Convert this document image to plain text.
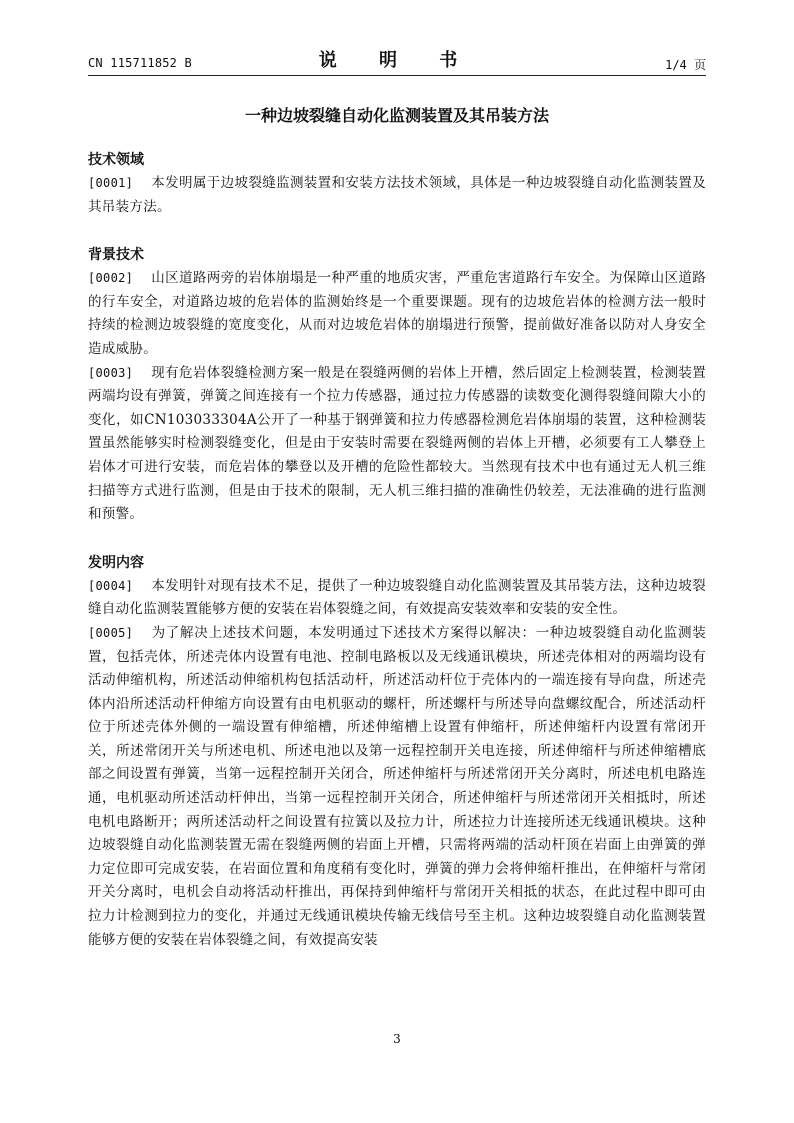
CN 115711852 B	说 明 书	1/4 页
一种边坡裂缝自动化监测装置及其吊装方法
技术领域

[0001] 本发明属于边坡裂缝监测装置和安装方法技术领域，具体是一种边坡裂缝自动化监测装置及其吊装方法。

背景技术

[0002] 山区道路两旁的岩体崩塌是一种严重的地质灾害，严重危害道路行车安全。为保障山区道路的行车安全，对道路边坡的危岩体的监测始终是一个重要课题。现有的边坡危岩体的检测方法一般时持续的检测边坡裂缝的宽度变化，从而对边坡危岩体的崩塌进行预警，提前做好准备以防对人身安全造成威胁。

[0003] 现有危岩体裂缝检测方案一般是在裂缝两侧的岩体上开槽，然后固定上检测装置，检测装置两端均设有弹簧，弹簧之间连接有一个拉力传感器，通过拉力传感器的读数变化测得裂缝间隙大小的变化，如CN103033304A公开了一种基于钢弹簧和拉力传感器检测危岩体崩塌的装置，这种检测装置虽然能够实时检测裂缝变化，但是由于安装时需要在裂缝两侧的岩体上开槽，必须要有工人攀登上岩体才可进行安装，而危岩体的攀登以及开槽的危险性都较大。当然现有技术中也有通过无人机三维扫描等方式进行监测，但是由于技术的限制，无人机三维扫描的准确性仍较差，无法准确的进行监测和预警。

发明内容

[0004] 本发明针对现有技术不足，提供了一种边坡裂缝自动化监测装置及其吊装方法，这种边坡裂缝自动化监测装置能够方便的安装在岩体裂缝之间，有效提高安装效率和安装的安全性。

[0005] 为了解决上述技术问题，本发明通过下述技术方案得以解决：一种边坡裂缝自动化监测装置，包括壳体，所述壳体内设置有电池、控制电路板以及无线通讯模块，所述壳体相对的两端均设有活动伸缩机构，所述活动伸缩机构包括活动杆，所述活动杆位于壳体内的一端连接有导向盘，所述壳体内沿所述活动杆伸缩方向设置有由电机驱动的螺杆，所述螺杆与所述导向盘螺纹配合，所述活动杆位于所述壳体外侧的一端设置有伸缩槽，所述伸缩槽上设置有伸缩杆，所述伸缩杆内设置有常闭开关，所述常闭开关与所述电机、所述电池以及第一远程控制开关电连接，所述伸缩杆与所述伸缩槽底部之间设置有弹簧，当第一远程控制开关闭合，所述伸缩杆与所述常闭开关分离时，所述电机电路连通，电机驱动所述活动杆伸出，当第一远程控制开关闭合，所述伸缩杆与所述常闭开关相抵时，所述电机电路断开；两所述活动杆之间设置有拉簧以及拉力计，所述拉力计连接所述无线通讯模块。这种边坡裂缝自动化监测装置无需在裂缝两侧的岩面上开槽，只需将两端的活动杆顶在岩面上由弹簧的弹力定位即可完成安装，在岩面位置和角度稍有变化时，弹簧的弹力会将伸缩杆推出，在伸缩杆与常闭开关分离时，电机会自动将活动杆推出，再保持到伸缩杆与常闭开关相抵的状态，在此过程中即可由拉力计检测到拉力的变化，并通过无线通讯模块传输无线信号至主机。这种边坡裂缝自动化监测装置能够方便的安装在岩体裂缝之间，有效提高安装

3
